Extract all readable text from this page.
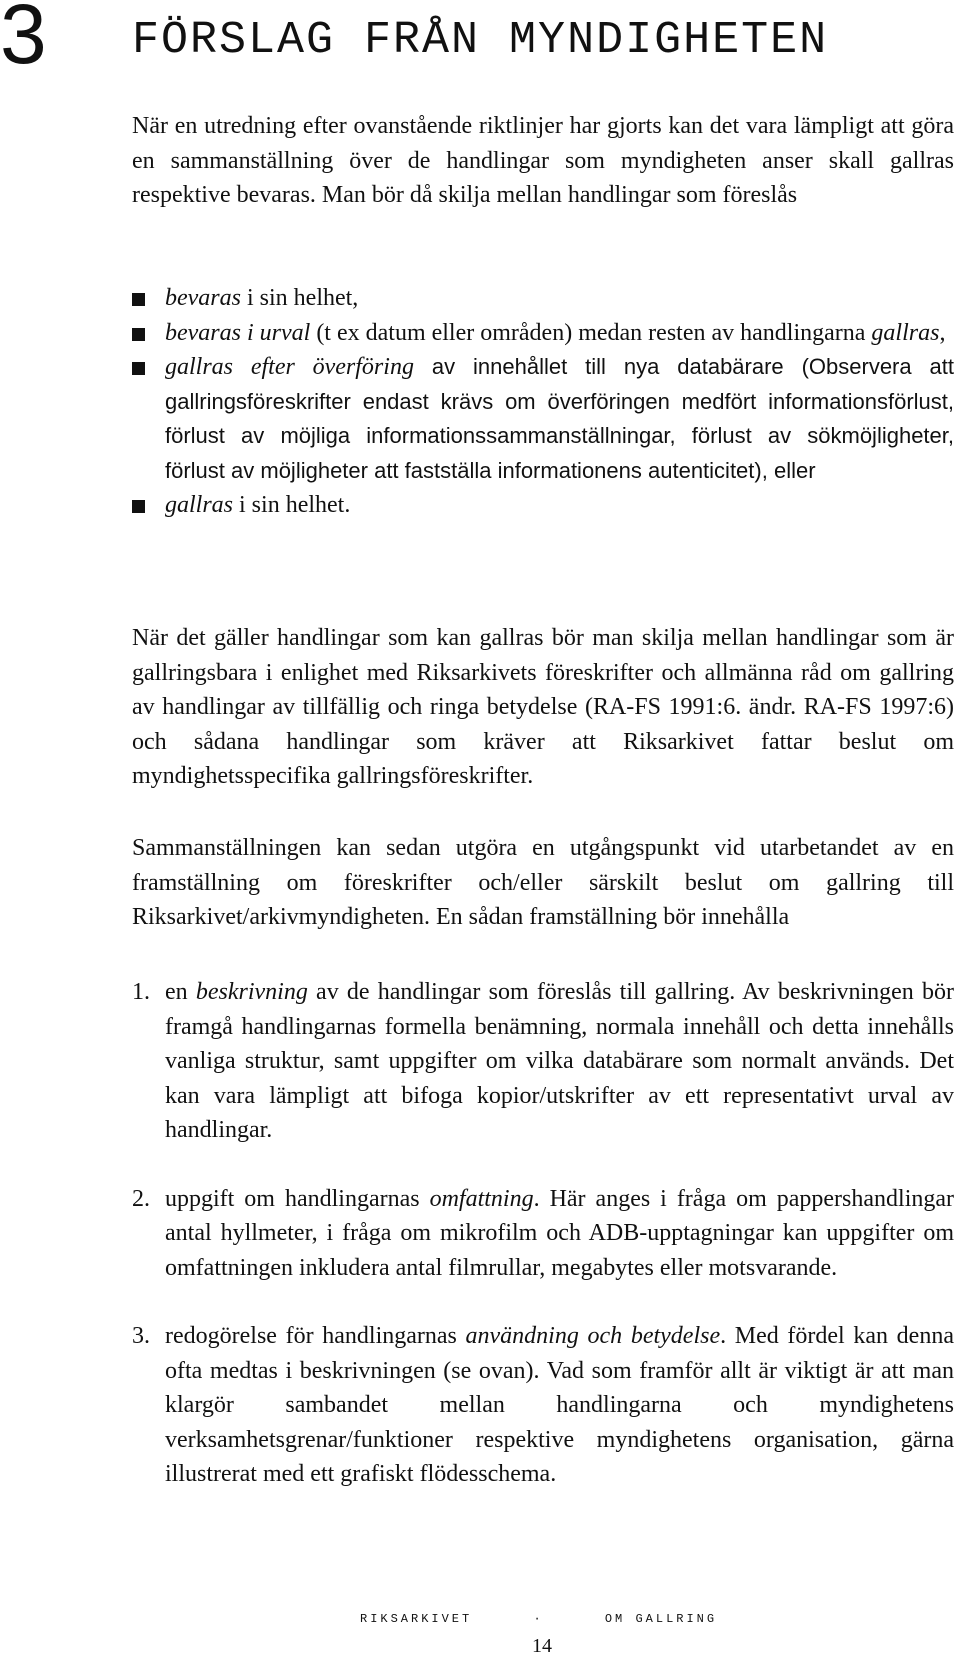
3 FÖRSLAG FRÅN MYNDIGHETEN

När en utredning efter ovanstående riktlinjer har gjorts kan det vara lämpligt att göra en sammanställning över de handlingar som myndigheten anser skall gallras respektive bevaras. Man bör då skilja mellan handlingar som föreslås

bevaras i sin helhet,
bevaras i urval (t ex datum eller områden) medan resten av handlingarna gallras,
gallras efter överföring av innehållet till nya databärare (Observera att gallringsföreskrifter endast krävs om överföringen medfört informationsförlust, förlust av möjliga informationssammanställningar, förlust av sökmöjligheter, förlust av möjligheter att fastställa informationens autenticitet), eller
gallras i sin helhet.

När det gäller handlingar som kan gallras bör man skilja mellan handlingar som är gallringsbara i enlighet med Riksarkivets föreskrifter och allmänna råd om gallring av handlingar av tillfällig och ringa betydelse (RA-FS 1991:6. ändr. RA-FS 1997:6) och sådana handlingar som kräver att Riksarkivet fattar beslut om myndighetsspecifika gallringsföreskrifter.

Sammanställningen kan sedan utgöra en utgångspunkt vid utarbetandet av en framställning om föreskrifter och/eller särskilt beslut om gallring till Riksarkivet/arkivmyndigheten. En sådan framställning bör innehålla

1. en beskrivning av de handlingar som föreslås till gallring. Av beskrivningen bör framgå handlingarnas formella benämning, normala innehåll och detta innehålls vanliga struktur, samt uppgifter om vilka databärare som normalt används. Det kan vara lämpligt att bifoga kopior/utskrifter av ett representativt urval av handlingar.
2. uppgift om handlingarnas omfattning. Här anges i fråga om pappershandlingar antal hyllmeter, i fråga om mikrofilm och ADB-upptagningar kan uppgifter om omfattningen inkludera antal filmrullar, megabytes eller motsvarande.
3. redogörelse för handlingarnas användning och betydelse. Med fördel kan denna ofta medtas i beskrivningen (se ovan). Vad som framför allt är viktigt är att man klargör sambandet mellan handlingarna och myndighetens verksamhetsgrenar/funktioner respektive myndighetens organisation, gärna illustrerat med ett grafiskt flödesschema.
RIKSARKIVET	·	OM GALLRING
14
